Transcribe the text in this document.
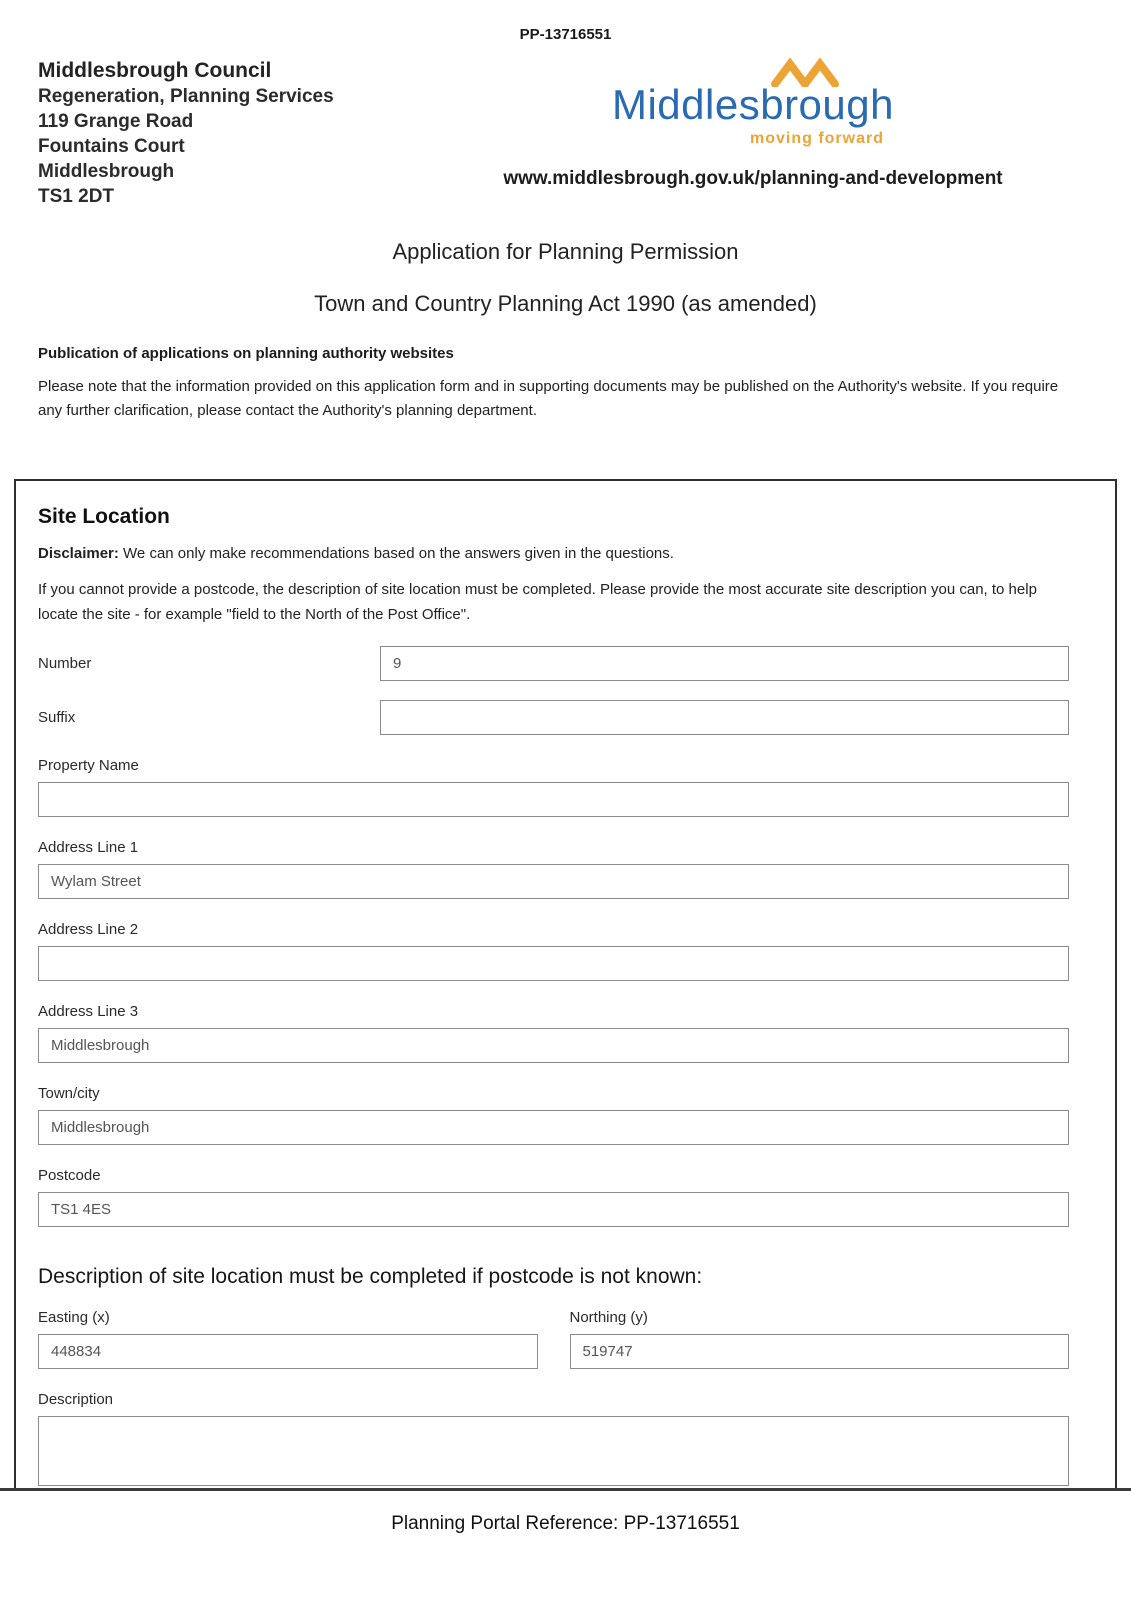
PP-13716551
Middlesbrough Council
Regeneration, Planning Services
119 Grange Road
Fountains Court
Middlesbrough
TS1 2DT
Middlesbrough
moving forward
www.middlesbrough.gov.uk/planning-and-development
Application for Planning Permission
Town and Country Planning Act 1990 (as amended)
Publication of applications on planning authority websites

Please note that the information provided on this application form and in supporting documents may be published on the Authority's website. If you require any further clarification, please contact the Authority's planning department.

Site Location

Disclaimer: We can only make recommendations based on the answers given in the questions.

If you cannot provide a postcode, the description of site location must be completed. Please provide the most accurate site description you can, to help locate the site - for example "field to the North of the Post Office".

Number
9
Suffix
Property Name
Address Line 1
Wylam Street
Address Line 2
Address Line 3
Middlesbrough
Town/city
Middlesbrough
Postcode
TS1 4ES
Description of site location must be completed if postcode is not known:
Easting (x)
448834	Northing (y)
519747
Description
Planning Portal Reference: PP-13716551
